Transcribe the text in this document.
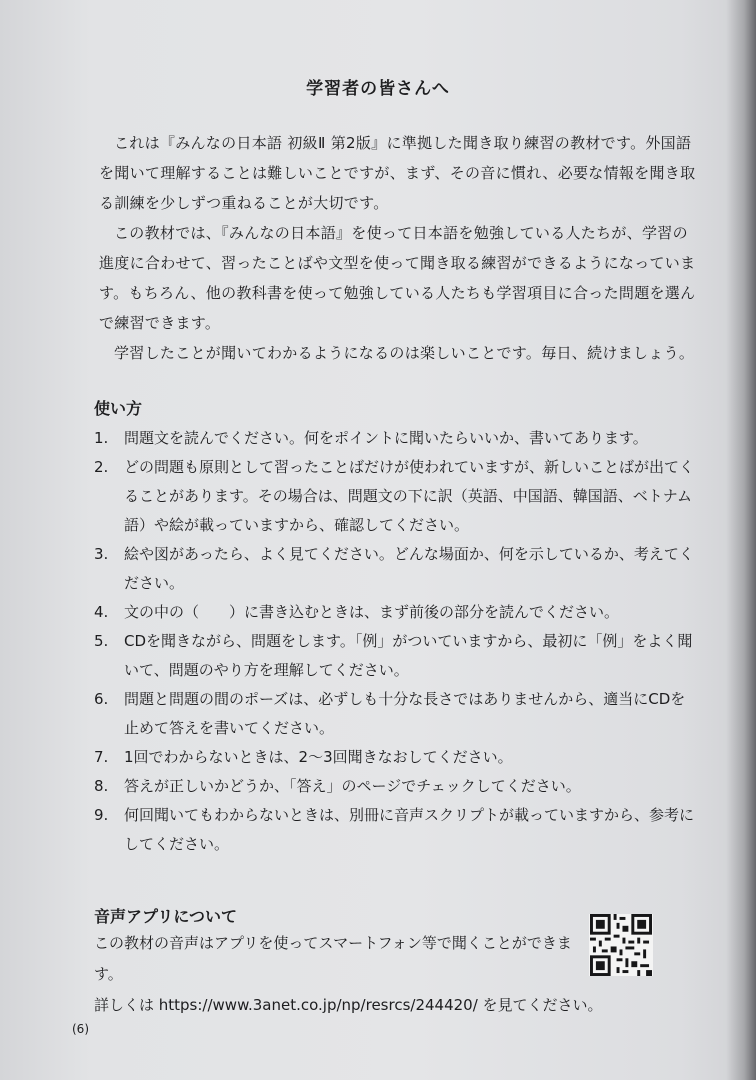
学習者の皆さんへ

これは『みんなの日本語 初級Ⅱ 第2版』に準拠した聞き取り練習の教材です。外国語を聞いて理解することは難しいことですが、まず、その音に慣れ、必要な情報を聞き取る訓練を少しずつ重ねることが大切です。

この教材では、『みんなの日本語』を使って日本語を勉強している人たちが、学習の進度に合わせて、習ったことばや文型を使って聞き取る練習ができるようになっています。もちろん、他の教科書を使って勉強している人たちも学習項目に合った問題を選んで練習できます。

学習したことが聞いてわかるようになるのは楽しいことです。毎日、続けましょう。

使い方
1.	問題文を読んでください。何をポイントに聞いたらいいか、書いてあります。
2.	どの問題も原則として習ったことばだけが使われていますが、新しいことばが出てくることがあります。その場合は、問題文の下に訳（英語、中国語、韓国語、ベトナム語）や絵が載っていますから、確認してください。
3.	絵や図があったら、よく見てください。どんな場面か、何を示しているか、考えてください。
4.	文の中の（　　）に書き込むときは、まず前後の部分を読んでください。
5.	CDを聞きながら、問題をします。「例」がついていますから、最初に「例」をよく聞いて、問題のやり方を理解してください。
6.	問題と問題の間のポーズは、必ずしも十分な長さではありませんから、適当にCDを止めて答えを書いてください。
7.	1回でわからないときは、2～3回聞きなおしてください。
8.	答えが正しいかどうか、「答え」のページでチェックしてください。
9.	何回聞いてもわからないときは、別冊に音声スクリプトが載っていますから、参考にしてください。
音声アプリについて
この教材の音声はアプリを使ってスマートフォン等で聞くことができます。
詳しくは https://www.3anet.co.jp/np/resrcs/244420/ を見てください。
(6)
